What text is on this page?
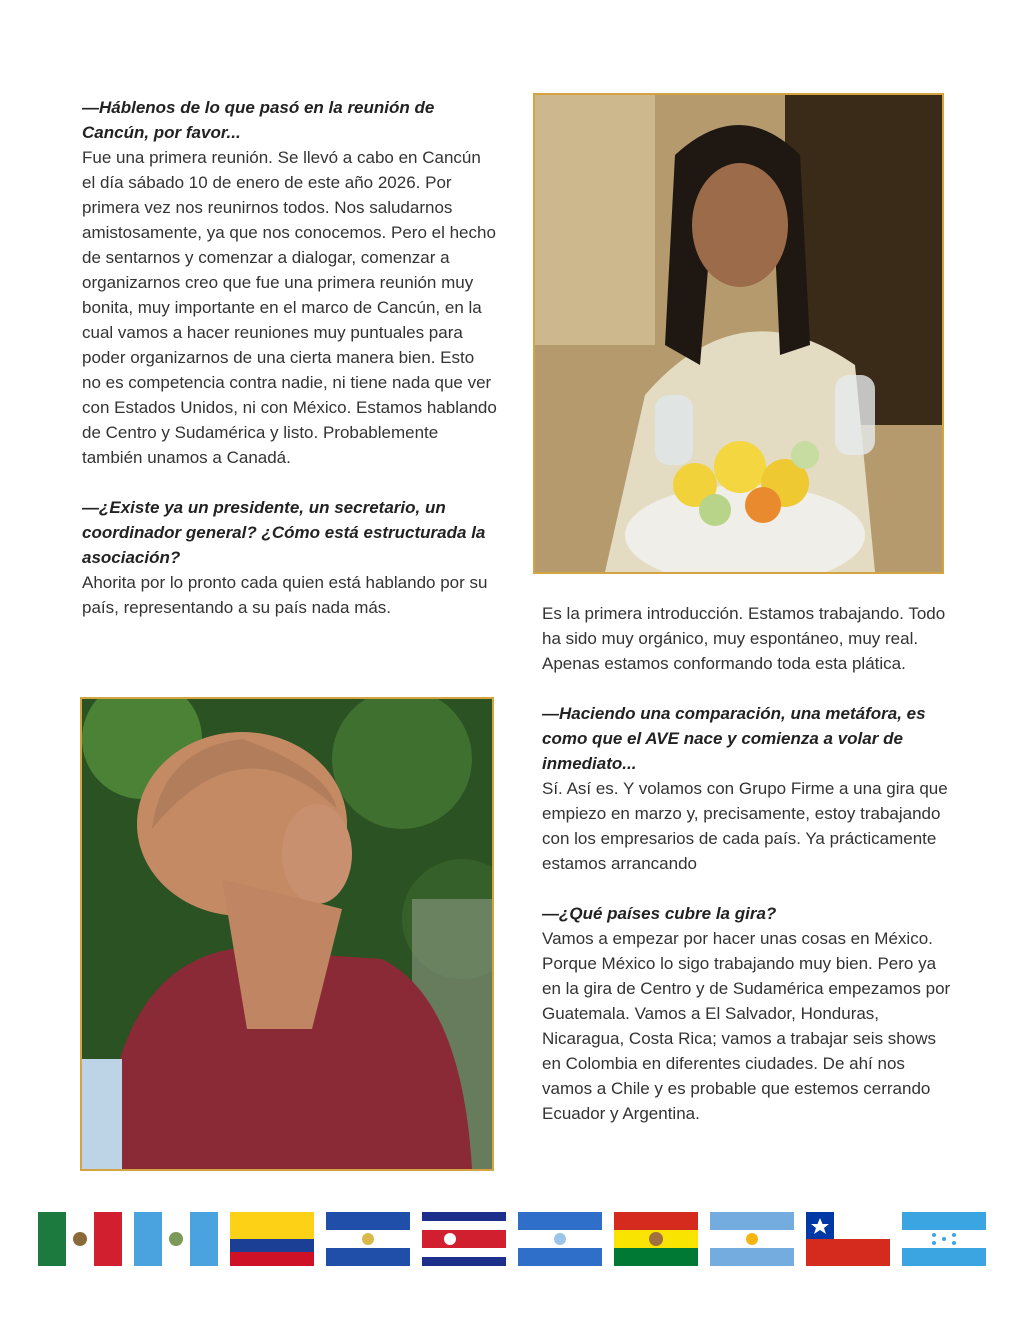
—Háblenos de lo que pasó en la reunión de Cancún, por favor...

Fue una primera reunión. Se llevó a cabo en Cancún el día sábado 10 de enero de este año 2026. Por primera vez nos reunirnos todos. Nos saludarnos amistosamente, ya que nos conocemos. Pero el hecho de sentarnos y comenzar a dialogar, comenzar a organizarnos creo que fue una primera reunión muy bonita, muy importante en el marco de Cancún, en la cual vamos a hacer reuniones muy puntuales para poder organizarnos de una cierta manera bien. Esto no es competencia contra nadie, ni tiene nada que ver con Estados Unidos, ni con México. Estamos hablando de Centro y Sudamérica y listo. Probablemente también unamos a Canadá.

—¿Existe ya un presidente, un secretario, un coordinador general? ¿Cómo está estructurada la asociación?

Ahorita por lo pronto cada quien está hablando por su país, representando a su país nada más.	Es la primera introducción. Estamos trabajando. Todo ha sido muy orgánico, muy espontáneo, muy real. Apenas estamos conformando toda esta plática.

—Haciendo una comparación, una metáfora, es como que el AVE nace y comienza a volar de inmediato...

Sí. Así es. Y volamos con Grupo Firme a una gira que empiezo en marzo y, precisamente, estoy trabajando con los empresarios de cada país. Ya prácticamente estamos arrancando

—¿Qué países cubre la gira?

Vamos a empezar por hacer unas cosas en México. Porque México lo sigo trabajando muy bien. Pero ya en la gira de Centro y de Sudamérica empezamos por Guatemala. Vamos a El Salvador, Honduras, Nicaragua, Costa Rica; vamos a trabajar seis shows en Colombia en diferentes ciudades. De ahí nos vamos a Chile y es probable que estemos cerrando Ecuador y Argentina.
